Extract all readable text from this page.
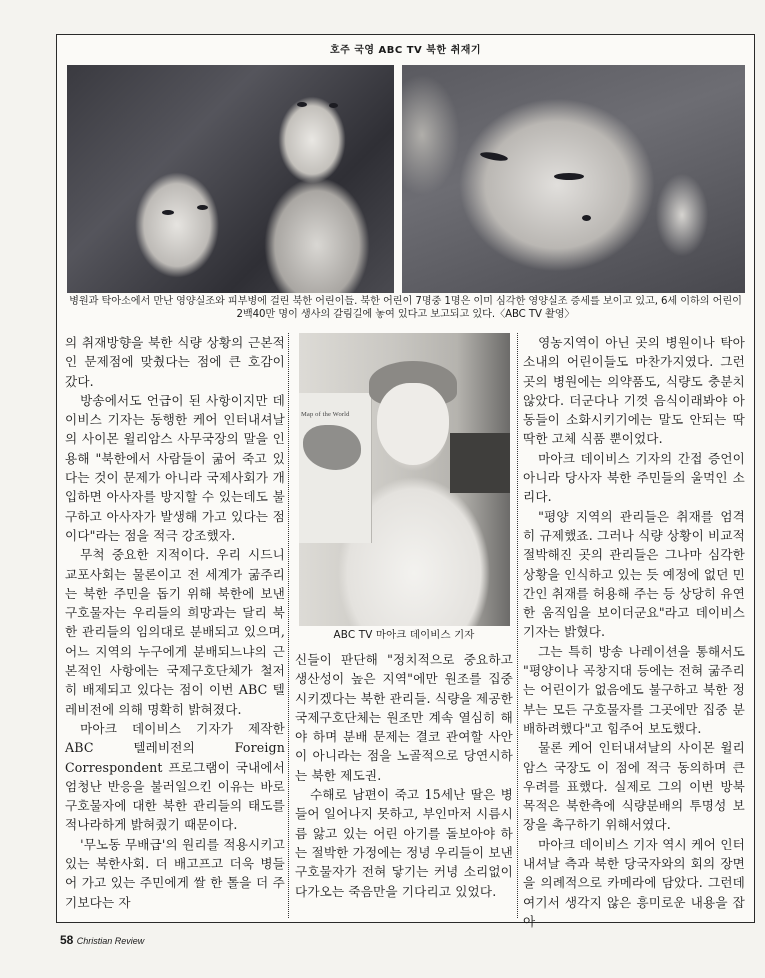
호주 국영 ABC TV 북한 취재기
병원과 탁아소에서 만난 영양실조와 피부병에 걸린 북한 어린이들. 북한 어린이 7명중 1명은 이미 심각한 영양실조 증세를 보이고 있고, 6세 이하의 어린이 2백40만 명이 생사의 갈림길에 놓여 있다고 보고되고 있다.〈ABC TV 촬영〉

의 취재방향을 북한 식량 상황의 근본적인 문제점에 맞췄다는 점에 큰 호감이 갔다.

방송에서도 언급이 된 사항이지만 데이비스 기자는 동행한 케어 인터내셔날의 사이몬 윌리암스 사무국장의 말을 인용해 "북한에서 사람들이 굶어 죽고 있다는 것이 문제가 아니라 국제사회가 개입하면 아사자를 방지할 수 있는데도 불구하고 아사자가 발생해 가고 있다는 점이다"라는 점을 적극 강조했자.

무척 중요한 지적이다. 우리 시드니 교포사회는 물론이고 전 세계가 굶주리는 북한 주민을 돕기 위해 북한에 보낸 구호물자는 우리들의 희망과는 달리 북한 관리들의 임의대로 분배되고 있으며, 어느 지역의 누구에게 분배되느냐의 근본적인 사항에는 국제구호단체가 철저히 배제되고 있다는 점이 이번 ABC 텔레비전에 의해 명확히 밝혀졌다.

마아크 데이비스 기자가 제작한 ABC 텔레비전의 Foreign Correspondent 프로그램이 국내에서 엄청난 반응을 불러일으킨 이유는 바로 구호물자에 대한 북한 관리들의 태도를 적나라하게 밝혀줬기 때문이다.

'무노동 무배급'의 원리를 적용시키고 있는 북한사회. 더 배고프고 더욱 병들어 가고 있는 주민에게 쌀 한 톨을 더 주기보다는 자

Map of the World
ABC TV 마아크 데이비스 기자

신들이 판단해 "정치적으로 중요하고 생산성이 높은 지역"에만 원조를 집중시키겠다는 북한 관리들. 식량을 제공한 국제구호단체는 원조만 계속 열심히 해야 하며 분배 문제는 결코 관여할 사안이 아니라는 점을 노골적으로 당연시하는 북한 제도권.

수해로 남편이 죽고 15세난 딸은 병들어 일어나지 못하고, 부인마저 시름시름 앓고 있는 어린 아기를 돌보아야 하는 절박한 가정에는 정녕 우리들이 보낸 구호물자가 전혀 닿기는 커녕 소리없이 다가오는 죽음만을 기다리고 있었다.

영농지역이 아닌 곳의 병원이나 탁아소내의 어린이들도 마찬가지였다. 그런 곳의 병원에는 의약품도, 식량도 충분치 않았다. 더군다나 기껏 음식이래봐야 아동들이 소화시키기에는 말도 안되는 딱딱한 고체 식품 뿐이었다.

마아크 데이비스 기자의 간접 증언이 아니라 당사자 북한 주민들의 울먹인 소리다.

"평양 지역의 관리들은 취재를 엄격히 규제했죠. 그러나 식량 상황이 비교적 절박해진 곳의 관리들은 그나마 심각한 상황을 인식하고 있는 듯 예정에 없던 민간인 취재를 허용해 주는 등 상당히 유연한 움직임을 보이더군요"라고 데이비스 기자는 밝혔다.

그는 특히 방송 나레이션을 통해서도 "평양이나 곡창지대 등에는 전혀 굶주리는 어린이가 없음에도 불구하고 북한 정부는 모든 구호물자를 그곳에만 집중 분배하려했다"고 힘주어 보도했다.

물론 케어 인터내셔날의 사이몬 윌리암스 국장도 이 점에 적극 동의하며 큰 우려를 표했다. 실제로 그의 이번 방북 목적은 북한측에 식량분배의 투명성 보장을 촉구하기 위해서였다.

마아크 데이비스 기자 역시 케어 인터내셔날 측과 북한 당국자와의 회의 장면을 의례적으로 카메라에 담았다. 그런데 여기서 생각지 않은 흥미로운 내용을 잡아

58 Christian Review
